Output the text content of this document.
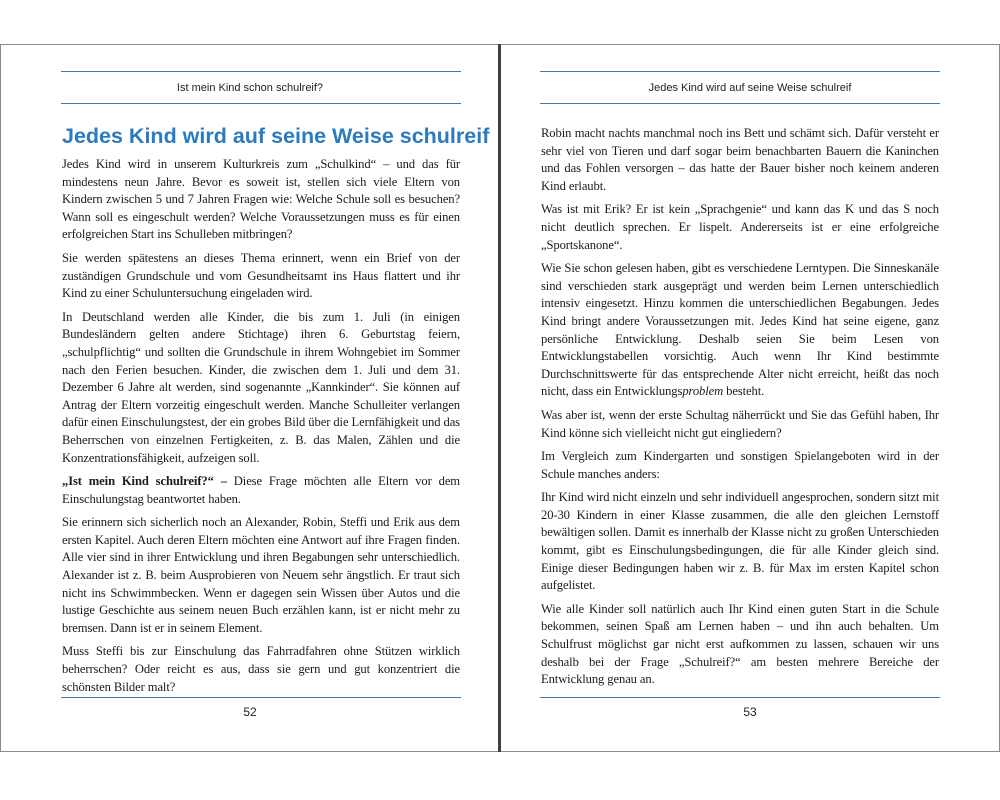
Ist mein Kind schon schulreif?
Jedes Kind wird auf seine Weise schulreif

Jedes Kind wird in unserem Kulturkreis zum „Schulkind“ – und das für mindestens neun Jahre. Bevor es soweit ist, stellen sich viele Eltern von Kindern zwischen 5 und 7 Jahren Fragen wie: Welche Schule soll es besuchen? Wann soll es eingeschult werden? Welche Voraussetzungen muss es für einen erfolgreichen Start ins Schulleben mitbringen?

Sie werden spätestens an dieses Thema erinnert, wenn ein Brief von der zuständigen Grundschule und vom Gesundheitsamt ins Haus flattert und ihr Kind zu einer Schuluntersuchung eingeladen wird.

In Deutschland werden alle Kinder, die bis zum 1. Juli (in einigen Bundesländern gelten andere Stichtage) ihren 6. Geburtstag feiern, „schulpflichtig“ und sollten die Grundschule in ihrem Wohngebiet im Sommer nach den Ferien besuchen. Kinder, die zwischen dem 1. Juli und dem 31. Dezember 6 Jahre alt werden, sind sogenannte „Kannkinder“. Sie können auf Antrag der Eltern vorzeitig eingeschult werden. Manche Schulleiter verlangen dafür einen Einschulungstest, der ein grobes Bild über die Lernfähigkeit und das Beherrschen von einzelnen Fertigkeiten, z. B. das Malen, Zählen und die Konzentrationsfähigkeit, aufzeigen soll.

„Ist mein Kind schulreif?“ – Diese Frage möchten alle Eltern vor dem Einschulungstag beantwortet haben.

Sie erinnern sich sicherlich noch an Alexander, Robin, Steffi und Erik aus dem ersten Kapitel. Auch deren Eltern möchten eine Antwort auf ihre Fragen finden. Alle vier sind in ihrer Entwicklung und ihren Begabungen sehr unterschiedlich. Alexander ist z. B. beim Ausprobieren von Neuem sehr ängstlich. Er traut sich nicht ins Schwimmbecken. Wenn er dagegen sein Wissen über Autos und die lustige Geschichte aus seinem neuen Buch erzählen kann, ist er nicht mehr zu bremsen. Dann ist er in seinem Element.

Muss Steffi bis zur Einschulung das Fahrradfahren ohne Stützen wirklich beherrschen? Oder reicht es aus, dass sie gern und gut konzentriert die schönsten Bilder malt?

52
Jedes Kind wird auf seine Weise schulreif

Robin macht nachts manchmal noch ins Bett und schämt sich. Dafür versteht er sehr viel von Tieren und darf sogar beim benachbarten Bauern die Kaninchen und das Fohlen versorgen – das hatte der Bauer bisher noch keinem anderen Kind erlaubt.

Was ist mit Erik? Er ist kein „Sprachgenie“ und kann das K und das S noch nicht deutlich sprechen. Er lispelt. Andererseits ist er eine erfolgreiche „Sportskanone“.

Wie Sie schon gelesen haben, gibt es verschiedene Lerntypen. Die Sinneskanäle sind verschieden stark ausgeprägt und werden beim Lernen unterschiedlich intensiv eingesetzt. Hinzu kommen die unterschiedlichen Begabungen. Jedes Kind bringt andere Voraussetzungen mit. Jedes Kind hat seine eigene, ganz persönliche Entwicklung. Deshalb seien Sie beim Lesen von Entwicklungstabellen vorsichtig. Auch wenn Ihr Kind bestimmte Durchschnittswerte für das entsprechende Alter nicht erreicht, heißt das noch nicht, dass ein Entwicklungsproblem besteht.

Was aber ist, wenn der erste Schultag näherrückt und Sie das Gefühl haben, Ihr Kind könne sich vielleicht nicht gut eingliedern?

Im Vergleich zum Kindergarten und sonstigen Spielangeboten wird in der Schule manches anders:

Ihr Kind wird nicht einzeln und sehr individuell angesprochen, sondern sitzt mit 20-30 Kindern in einer Klasse zusammen, die alle den gleichen Lernstoff bewältigen sollen. Damit es innerhalb der Klasse nicht zu großen Unterschieden kommt, gibt es Einschulungsbedingungen, die für alle Kinder gleich sind. Einige dieser Bedingungen haben wir z. B. für Max im ersten Kapitel schon aufgelistet.

Wie alle Kinder soll natürlich auch Ihr Kind einen guten Start in die Schule bekommen, seinen Spaß am Lernen haben – und ihn auch behalten. Um Schulfrust möglichst gar nicht erst aufkommen zu lassen, schauen wir uns deshalb bei der Frage „Schulreif?“ am besten mehrere Bereiche der Entwicklung genau an.

53
